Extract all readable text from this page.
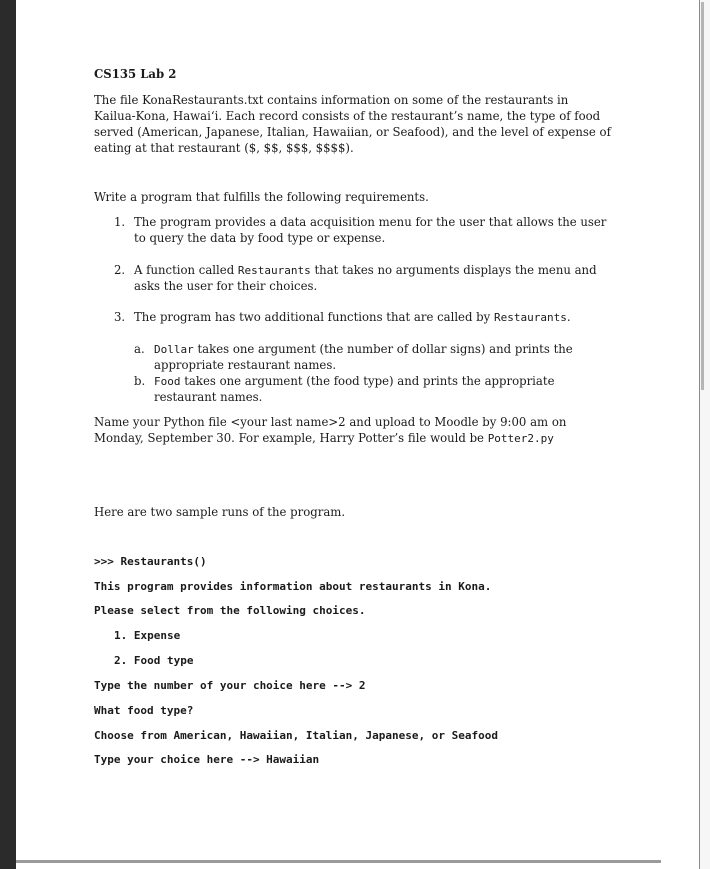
CS135 Lab 2
The file KonaRestaurants.txt contains information on some of the restaurants in
Kailua-Kona, Hawai‘i. Each record consists of the restaurant’s name, the type of food
served (American, Japanese, Italian, Hawaiian, or Seafood), and the level of expense of
eating at that restaurant ($, $$, $$$, $$$$).
Write a program that fulfills the following requirements.
1. The program provides a data acquisition menu for the user that allows the user
to query the data by food type or expense.
2. A function called Restaurants that takes no arguments displays the menu and
asks the user for their choices.
3. The program has two additional functions that are called by Restaurants.
a. Dollar takes one argument (the number of dollar signs) and prints the
appropriate restaurant names.
b. Food takes one argument (the food type) and prints the appropriate
restaurant names.
Name your Python file <your last name>2 and upload to Moodle by 9:00 am on
Monday, September 30. For example, Harry Potter’s file would be Potter2.py
Here are two sample runs of the program.
>>> Restaurants()
This program provides information about restaurants in Kona.
Please select from the following choices.
1. Expense
2. Food type
Type the number of your choice here --> 2
What food type?
Choose from American, Hawaiian, Italian, Japanese, or Seafood
Type your choice here --> Hawaiian
